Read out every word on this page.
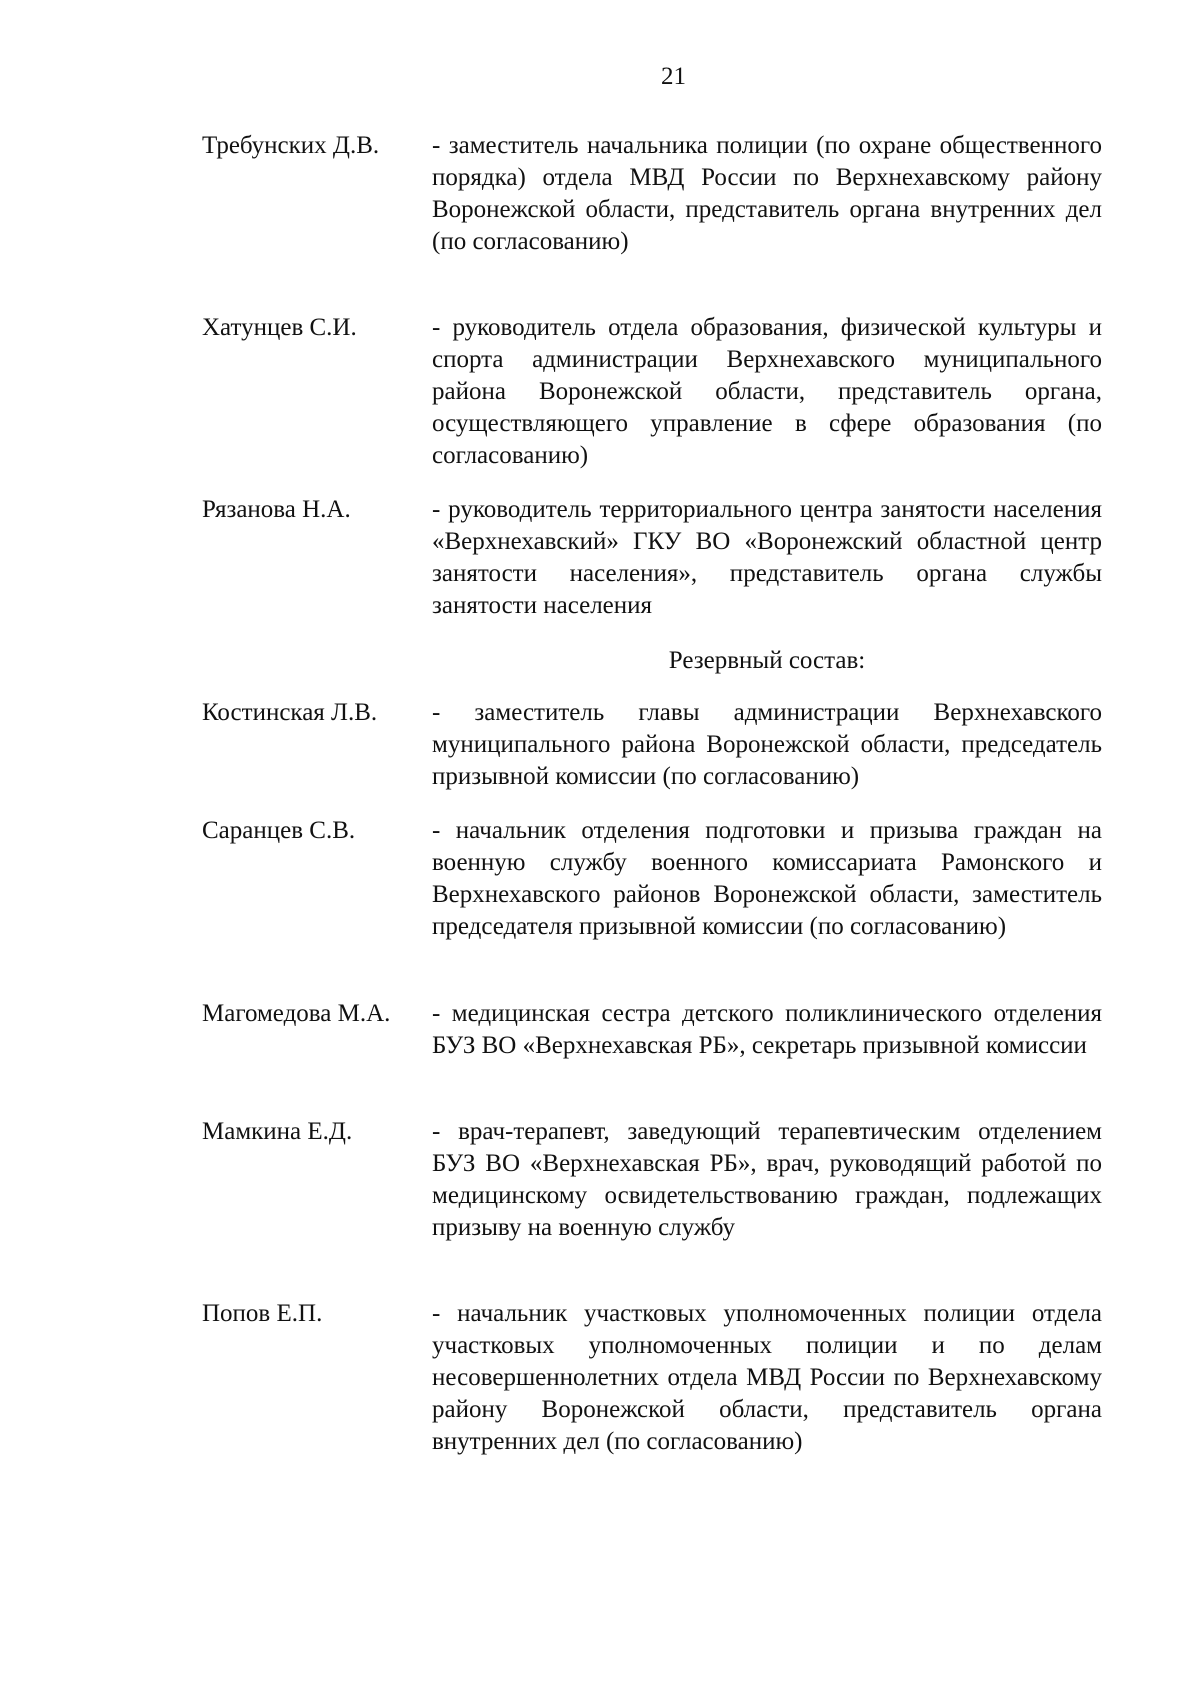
21
Требунских Д.В.	- заместитель начальника полиции (по охране общественного порядка) отдела МВД России по Верхнехавскому району Воронежской области, представитель органа внутренних дел (по согласованию)
Хатунцев С.И.	- руководитель отдела образования, физической культуры и спорта администрации Верхнехавского муниципального района Воронежской области, представитель органа, осуществляющего управление в сфере образования (по согласованию)
Рязанова Н.А.	- руководитель территориального центра занятости населения «Верхнехавский» ГКУ ВО «Воронежский областной центр занятости населения», представитель органа службы занятости населения
Резервный состав:
Костинская Л.В.	- заместитель главы администрации Верхнехавского муниципального района Воронежской области, председатель призывной комиссии (по согласованию)
Саранцев С.В.	- начальник отделения подготовки и призыва граждан на военную службу военного комиссариата Рамонского и Верхнехавского районов Воронежской области, заместитель председателя призывной комиссии (по согласованию)
Магомедова М.А.	- медицинская сестра детского поликлинического отделения БУЗ ВО «Верхнехавская РБ», секретарь призывной комиссии
Мамкина Е.Д.	- врач-терапевт, заведующий терапевтическим отделением БУЗ ВО «Верхнехавская РБ», врач, руководящий работой по медицинскому освидетельствованию граждан, подлежащих призыву на военную службу
Попов Е.П.	- начальник участковых уполномоченных полиции отдела участковых уполномоченных полиции и по делам несовершеннолетних отдела МВД России по Верхнехавскому району Воронежской области, представитель органа внутренних дел (по согласованию)
